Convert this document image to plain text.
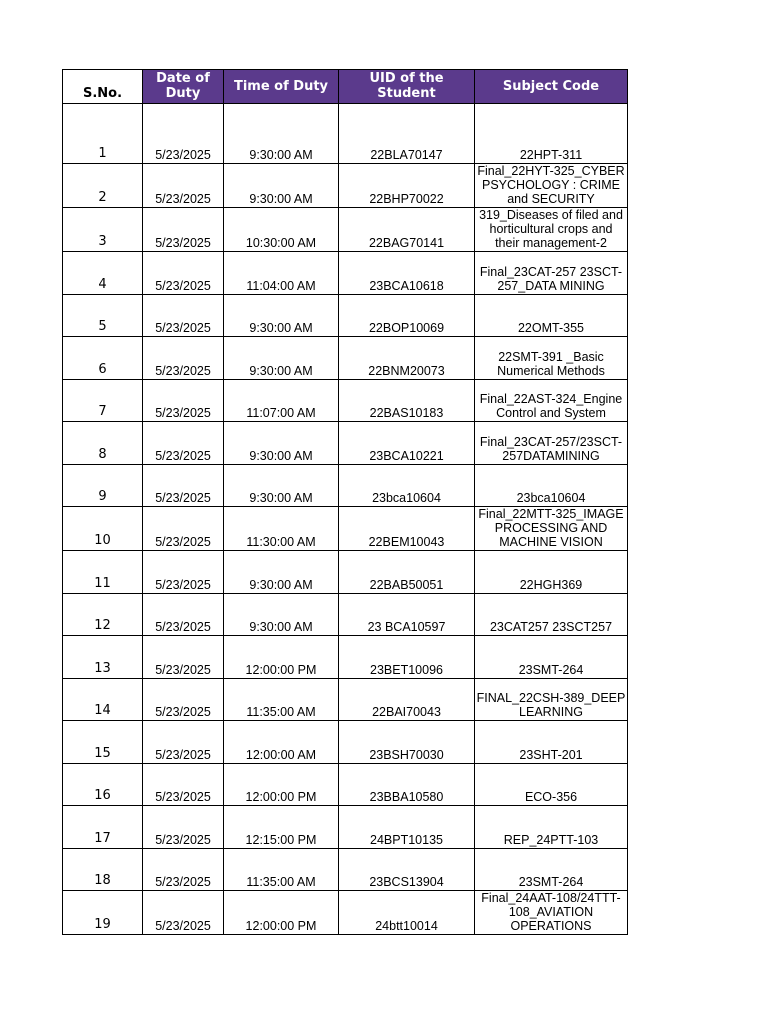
S.No.	Date of Duty	Time of Duty	UID of the Student	Subject Code
1	5/23/2025	9:30:00 AM	22BLA70147	22HPT-311
2	5/23/2025	9:30:00 AM	22BHP70022	Final_22HYT-325_CYBER PSYCHOLOGY : CRIME and SECURITY
3	5/23/2025	10:30:00 AM	22BAG70141	319_Diseases of filed and horticultural crops and their management-2
4	5/23/2025	11:04:00 AM	23BCA10618	Final_23CAT-257 23SCT-257_DATA MINING
5	5/23/2025	9:30:00 AM	22BOP10069	22OMT-355
6	5/23/2025	9:30:00 AM	22BNM20073	22SMT-391 _Basic Numerical Methods
7	5/23/2025	11:07:00 AM	22BAS10183	Final_22AST-324_Engine Control and System
8	5/23/2025	9:30:00 AM	23BCA10221	Final_23CAT-257/23SCT-257DATAMINING
9	5/23/2025	9:30:00 AM	23bca10604	23bca10604
10	5/23/2025	11:30:00 AM	22BEM10043	Final_22MTT-325_IMAGE PROCESSING AND MACHINE VISION
11	5/23/2025	9:30:00 AM	22BAB50051	22HGH369
12	5/23/2025	9:30:00 AM	23 BCA10597	23CAT257 23SCT257
13	5/23/2025	12:00:00 PM	23BET10096	23SMT-264
14	5/23/2025	11:35:00 AM	22BAI70043	FINAL_22CSH-389_DEEP LEARNING
15	5/23/2025	12:00:00 AM	23BSH70030	23SHT-201
16	5/23/2025	12:00:00 PM	23BBA10580	ECO-356
17	5/23/2025	12:15:00 PM	24BPT10135	REP_24PTT-103
18	5/23/2025	11:35:00 AM	23BCS13904	23SMT-264
19	5/23/2025	12:00:00 PM	24btt10014	Final_24AAT-108/24TTT-108_AVIATION OPERATIONS
